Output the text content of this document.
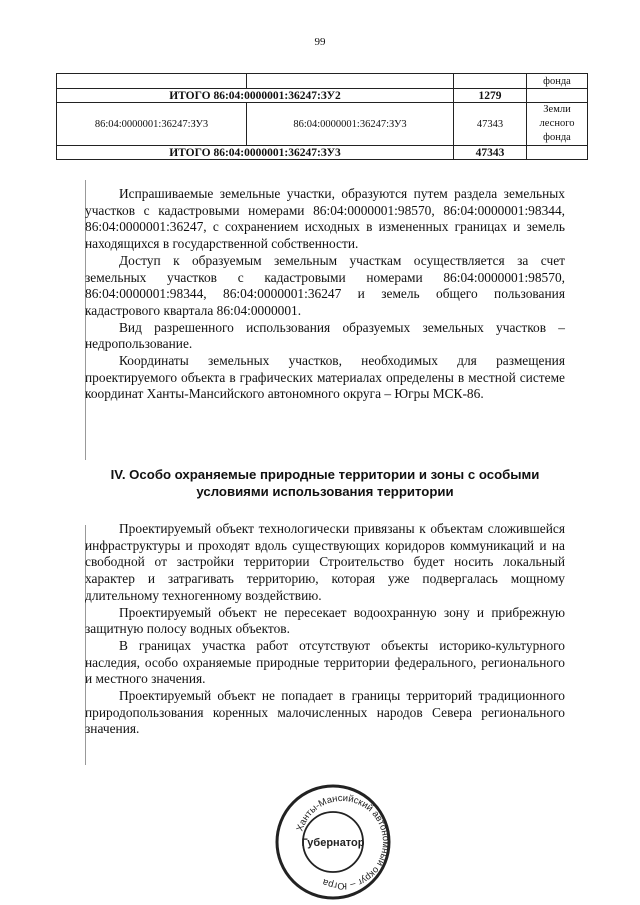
99
			фонда
ИТОГО 86:04:0000001:36247:ЗУ2		1279	
86:04:0000001:36247:ЗУ3	86:04:0000001:36247:ЗУ3	47343	Земли
лесного
фонда

ИТОГО 86:04:0000001:36247:ЗУ3		47343	

Испрашиваемые земельные участки, образуются путем раздела земельных участков с кадастровыми номерами 86:04:0000001:98570, 86:04:0000001:98344, 86:04:0000001:36247, с сохранением исходных в измененных границах и земель находящихся в государственной собственности.

Доступ к образуемым земельным участкам осуществляется за счет земельных участков с кадастровыми номерами 86:04:0000001:98570, 86:04:0000001:98344, 86:04:0000001:36247 и земель общего пользования кадастрового квартала 86:04:0000001.

Вид разрешенного использования образуемых земельных участков – недропользование.

Координаты земельных участков, необходимых для размещения проектируемого объекта в графических материалах определены в местной системе координат Ханты-Мансийского автономного округа – Югры МСК-86.

IV. Особо охраняемые природные территории и зоны с особыми
условиями использования территории

Проектируемый объект технологически привязаны к объектам сложившейся инфраструктуры и проходят вдоль существующих коридоров коммуникаций и на свободной от застройки территории Строительство будет носить локальный характер и затрагивать территорию, которая уже подвергалась мощному длительному техногенному воздействию.

Проектируемый объект не пересекает водоохранную зону и прибрежную защитную полосу водных объектов.

В границах участка работ отсутствуют объекты историко-культурного наследия, особо охраняемые природные территории федерального, регионального и местного значения.

Проектируемый объект не попадает в границы территорий традиционного природопользования коренных малочисленных народов Севера регионального значения.

Ханты-Мансийский автономный округ – Югра
Губернатор
